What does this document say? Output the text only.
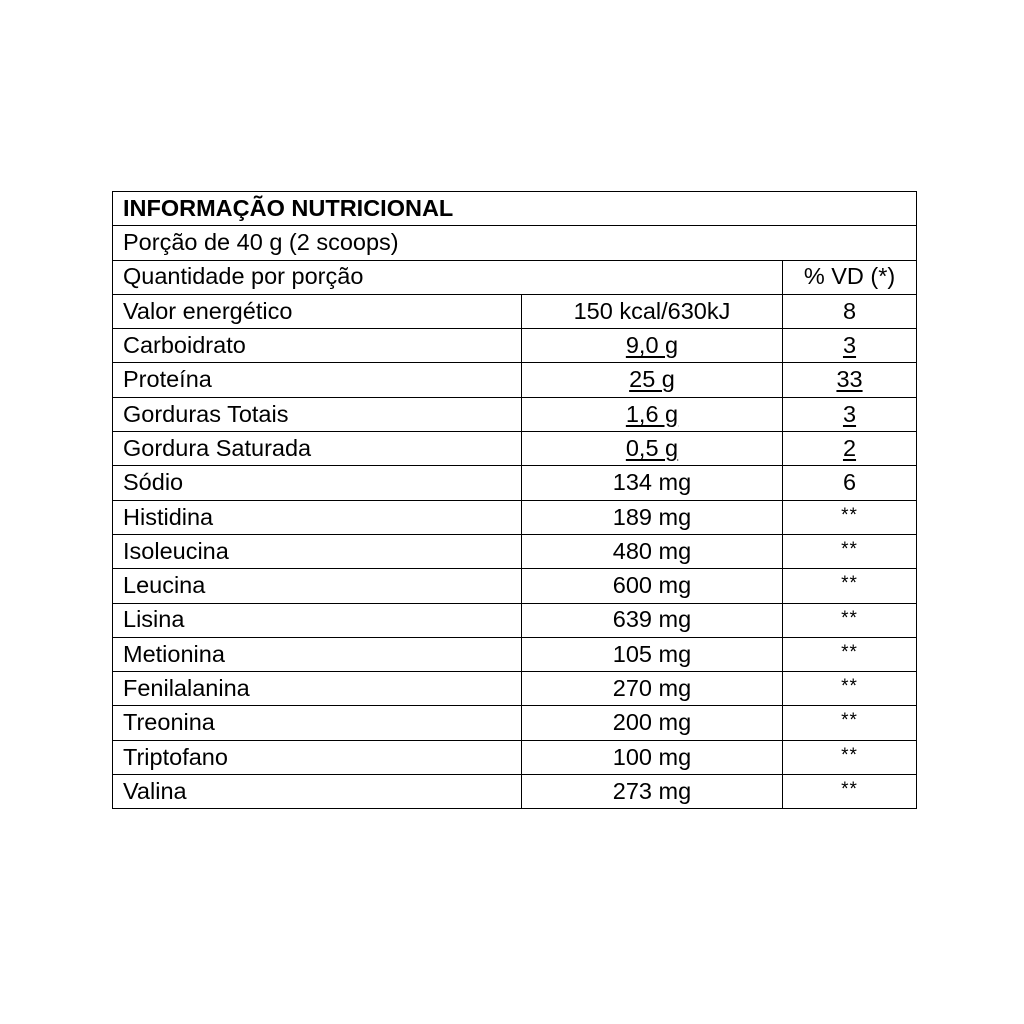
INFORMAÇÃO NUTRICIONAL		
Porção de 40 g (2 scoops)		
Quantidade por porção		% VD (*)
Valor energético	150 kcal/630kJ	8
Carboidrato	9,0 g	3
Proteína	25 g	33
Gorduras Totais	1,6 g	3
Gordura Saturada	0,5 g	2
Sódio	134 mg	6
Histidina	189 mg	**
Isoleucina	480 mg	**
Leucina	600 mg	**
Lisina	639 mg	**
Metionina	105 mg	**
Fenilalanina	270 mg	**
Treonina	200 mg	**
Triptofano	100 mg	**
Valina	273 mg	**
